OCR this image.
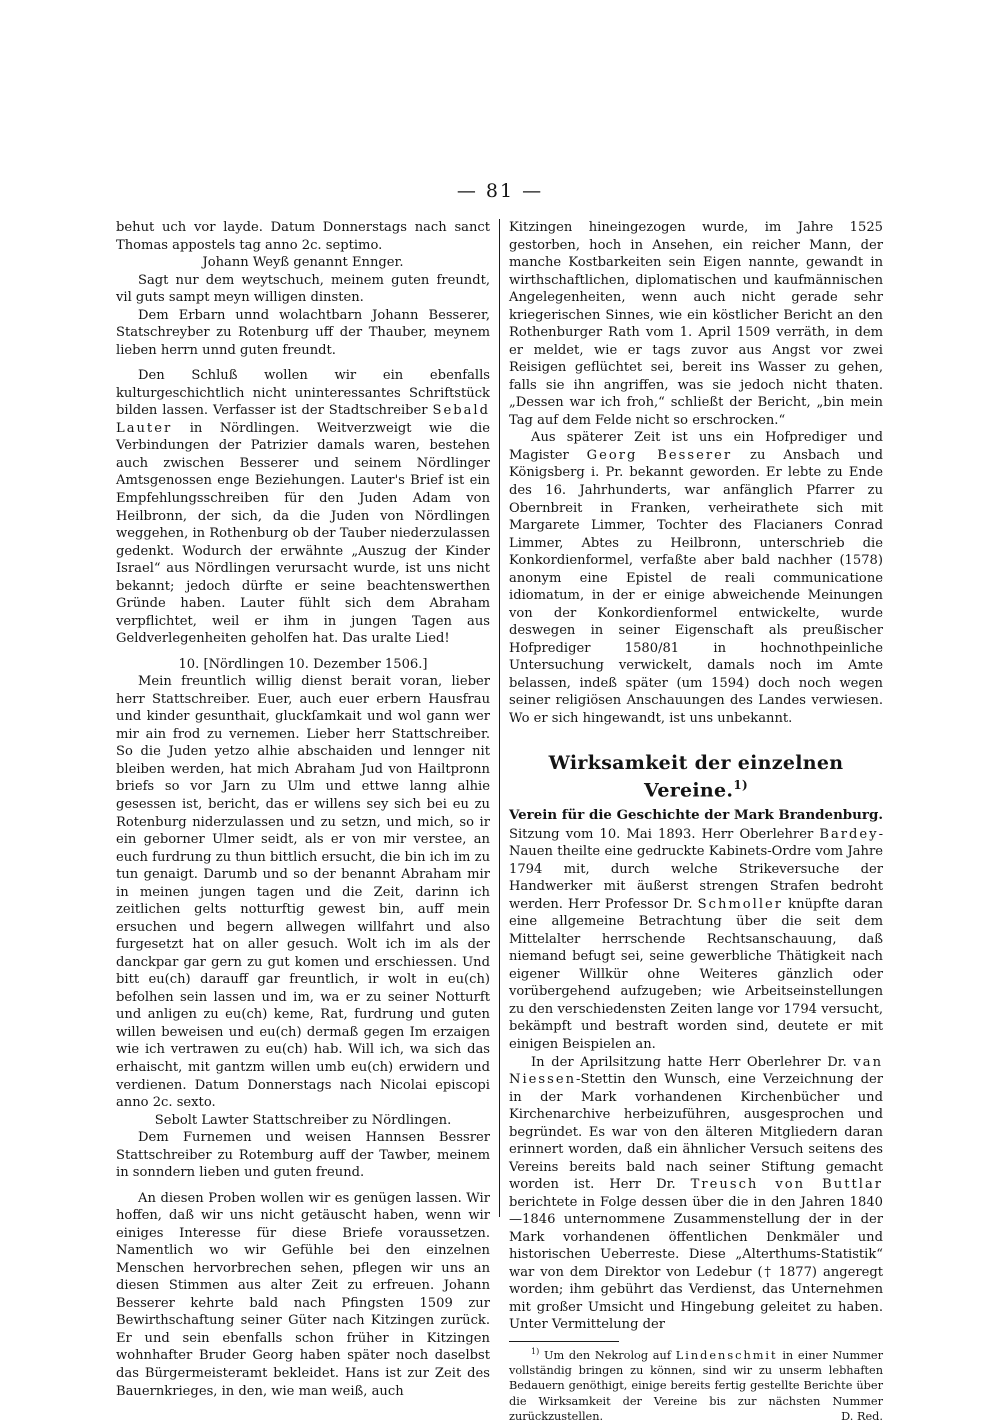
— 81 —

behut uch vor laydе. Datum Donnerstags nach sanct Thomas appostels tag anno 2c. septimo.

Johann Weyß genannt Ennger.

Sagt nur dem weytschuch, meinem guten freundt, vil guts sampt meyn willigen dinsten.

Dem Erbarn unnd wolachtbarn Johann Besserer, Statschreyber zu Rotenburg uff der Thauber, meynem lieben herrn unnd guten freundt.

Den Schluß wollen wir ein ebenfalls kulturgeschichtlich nicht uninteressantes Schriftstück bilden lassen. Verfasser ist der Stadtschreiber Sebald Lauter in Nördlingen. Weitverzweigt wie die Verbindungen der Patrizier damals waren, bestehen auch zwischen Besserer und seinem Nördlinger Amtsgenossen enge Beziehungen. Lauter's Brief ist ein Empfehlungsschreiben für den Juden Adam von Heilbronn, der sich, da die Juden von Nördlingen weggehen, in Rothenburg ob der Tauber niederzulassen gedenkt. Wodurch der erwähnte „Auszug der Kinder Israel“ aus Nördlingen verursacht wurde, ist uns nicht bekannt; jedoch dürfte er seine beachtenswerthen Gründe haben. Lauter fühlt sich dem Abraham verpflichtet, weil er ihm in jungen Tagen aus Geldverlegenheiten geholfen hat. Das uralte Lied!

10. [Nördlingen 10. Dezember 1506.]

Mein freuntlich willig dienst berait voran, lieber herr Stattschreiber. Euer, auch euer erbern Hausfrau und kinder gesunthait, gluckſamkait und wol gann wer mir ain frod zu vernemen. Lieber herr Stattschreiber. So die Juden yetzo alhie abschaiden und lennger nit bleiben werden, hat mich Abraham Jud von Hailtpronn briefs so vor Jarn zu Ulm und ettwe lanng alhie gesessen ist, bericht, das er willens sey sich bei eu zu Rotenburg niderzulassen und zu setzn, und mich, so ir ein geborner Ulmer seidt, als er von mir verstee, an euch furdrung zu thun bittlich ersucht, die bin ich im zu tun genaigt. Darumb und so der benannt Abraham mir in meinen jungen tagen und die Zeit, darinn ich zeitlichen gelts notturftig gewest bin, auff mein ersuchen und begern allwegen willfahrt und also furgesetzt hat on aller gesuch. Wolt ich im als der danckpar gar gern zu gut komen und erschiessen. Und bitt eu(ch) darauff gar freuntlich, ir wolt in eu(ch) befolhen sein lassen und im, wa er zu seiner Notturft und anligen zu eu(ch) keme, Rat, furdrung und guten willen beweisen und eu(ch) dermaß gegen Im erzaigen wie ich vertrawen zu eu(ch) hab. Will ich, wa sich das erhaischt, mit gantzm willen umb eu(ch) erwidern und verdienen. Datum Donnerstags nach Nicolai episcopi anno 2c. sexto.

Sebolt Lawter Stattschreiber zu Nördlingen.

Dem Furnemen und weisen Hannsen Bessrer Stattschreiber zu Rotemburg auff der Tawber, meinem in sonndern lieben und guten freund.

An diesen Proben wollen wir es genügen lassen. Wir hoffen, daß wir uns nicht getäuscht haben, wenn wir einiges Interesse für diese Briefe voraussetzen. Namentlich wo wir Gefühle bei den einzelnen Menschen hervorbrechen sehen, pflegen wir uns an diesen Stimmen aus alter Zeit zu erfreuen. Johann Besserer kehrte bald nach Pfingsten 1509 zur Bewirthschaftung seiner Güter nach Kitzingen zurück. Er und sein ebenfalls schon früher in Kitzingen wohnhafter Bruder Georg haben später noch daselbst das Bürgermeisteramt bekleidet. Hans ist zur Zeit des Bauernkrieges, in den, wie man weiß, auch

Kitzingen hineingezogen wurde, im Jahre 1525 gestorben, hoch in Ansehen, ein reicher Mann, der manche Kostbarkeiten sein Eigen nannte, gewandt in wirthschaftlichen, diplomatischen und kaufmännischen Angelegenheiten, wenn auch nicht gerade sehr kriegerischen Sinnes, wie ein köstlicher Bericht an den Rothenburger Rath vom 1. April 1509 verräth, in dem er meldet, wie er tags zuvor aus Angst vor zwei Reisigen geflüchtet sei, bereit ins Wasser zu gehen, falls sie ihn angriffen, was sie jedoch nicht thaten. „Dessen war ich froh,“ schließt der Bericht, „bin mein Tag auf dem Felde nicht so erschrocken.“

Aus späterer Zeit ist uns ein Hofprediger und Magister Georg Besserer zu Ansbach und Königsberg i. Pr. bekannt geworden. Er lebte zu Ende des 16. Jahrhunderts, war anfänglich Pfarrer zu Obernbreit in Franken, verheirathete sich mit Margarete Limmer, Tochter des Flacianers Conrad Limmer, Abtes zu Heilbronn, unterschrieb die Konkordienformel, verfaßte aber bald nachher (1578) anonym eine Epistel de reali communicatione idiomatum, in der er einige abweichende Meinungen von der Konkordienformel entwickelte, wurde deswegen in seiner Eigenschaft als preußischer Hofprediger 1580/81 in hochnothpeinliche Untersuchung verwickelt, damals noch im Amte belassen, indeß später (um 1594) doch noch wegen seiner religiösen Anschauungen des Landes verwiesen. Wo er sich hingewandt, ist uns unbekannt.

Wirksamkeit der einzelnen Vereine.$^{1)}$
Verein für die Geschichte der Mark Brandenburg.

Sitzung vom 10. Mai 1893. Herr Oberlehrer Bardey-Nauen theilte eine gedruckte Kabinets-Ordre vom Jahre 1794 mit, durch welche Strikeversuche der Handwerker mit äußerst strengen Strafen bedroht werden. Herr Professor Dr. Schmoller knüpfte daran eine allgemeine Betrachtung über die seit dem Mittelalter herrschende Rechtsanschauung, daß niemand befugt sei, seine gewerbliche Thätigkeit nach eigener Willkür ohne Weiteres gänzlich oder vorübergehend aufzugeben; wie Arbeitseinstellungen zu den verschiedensten Zeiten lange vor 1794 versucht, bekämpft und bestraft worden sind, deutete er mit einigen Beispielen an.

In der Aprilsitzung hatte Herr Oberlehrer Dr. van Niessen-Stettin den Wunsch, eine Verzeichnung der in der Mark vorhandenen Kirchenbücher und Kirchenarchive herbeizuführen, ausgesprochen und begründet. Es war von den älteren Mitgliedern daran erinnert worden, daß ein ähnlicher Versuch seitens des Vereins bereits bald nach seiner Stiftung gemacht worden ist. Herr Dr. Treusch von Buttlar berichtete in Folge dessen über die in den Jahren 1840—1846 unternommene Zusammenstellung der in der Mark vorhandenen öffentlichen Denkmäler und historischen Ueberreste. Diese „Alterthums-Statistik“ war von dem Direktor von Ledebur († 1877) angeregt worden; ihm gebührt das Verdienst, das Unternehmen mit großer Umsicht und Hingebung geleitet zu haben. Unter Vermittelung der

$^{1)}$ Um den Nekrolog auf Lindenschmit in einer Nummer vollständig bringen zu können, sind wir zu unserm lebhaften Bedauern genöthigt, einige bereits fertig gestellte Berichte über die Wirksamkeit der Vereine bis zur nächsten Nummer zurückzustellen.	D. Red.
